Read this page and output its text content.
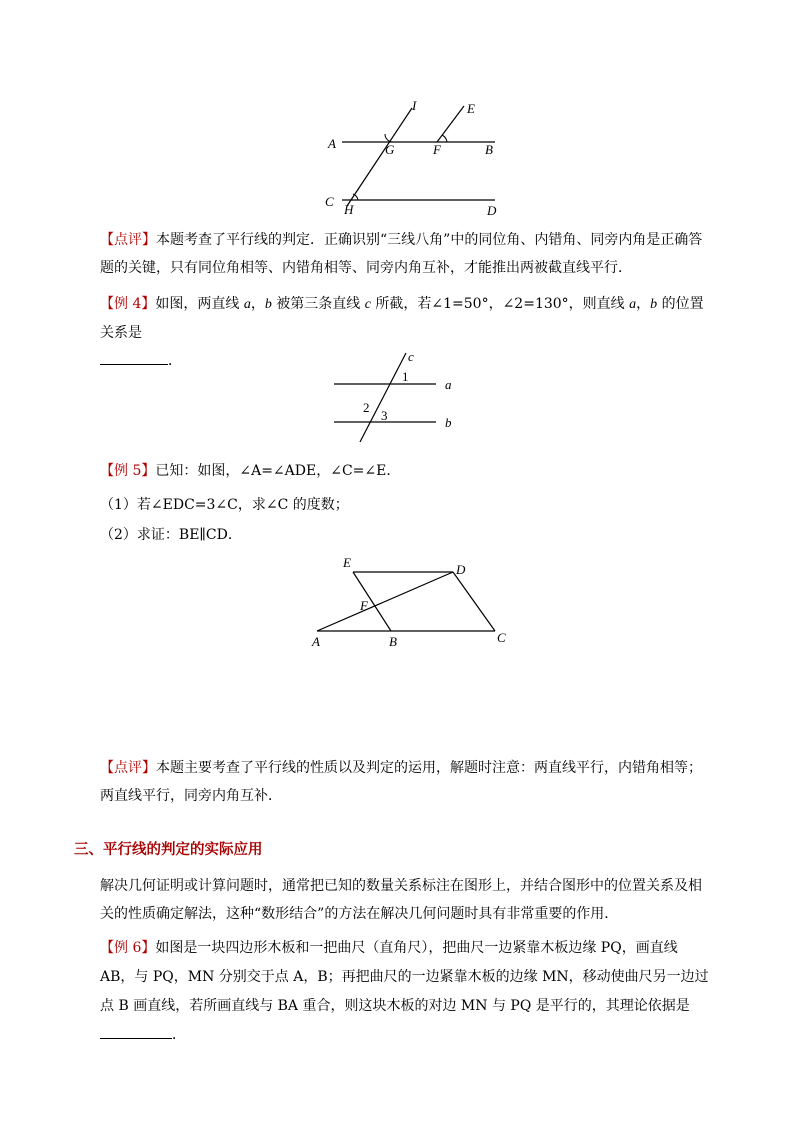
I	E
A	G	F	B
C
H	D

【点评】本题考查了平行线的判定．正确识别“三线八角”中的同位角、内错角、同旁内角是正确答题的关键，只有同位角相等、内错角相等、同旁内角互补，才能推出两被截直线平行．

【例 4】如图，两直线 a，b 被第三条直线 c 所截，若∠1=50°，∠2=130°，则直线 a，b 的位置关系是
．	c
a
b
1
2
3

【例 5】已知：如图，∠A=∠ADE，∠C=∠E．

（1）若∠EDC=3∠C，求∠C 的度数；

（2）求证：BE∥CD．

E	D
F
A	B	C

【点评】本题主要考查了平行线的性质以及判定的运用，解题时注意：两直线平行，内错角相等；两直线平行，同旁内角互补．

三、平行线的判定的实际应用

解决几何证明或计算问题时，通常把已知的数量关系标注在图形上，并结合图形中的位置关系及相关的性质确定解法，这种“数形结合”的方法在解决几何问题时具有非常重要的作用．

【例 6】如图是一块四边形木板和一把曲尺（直角尺），把曲尺一边紧靠木板边缘 PQ，画直线 AB，与 PQ，MN 分别交于点 A，B；再把曲尺的一边紧靠木板的边缘 MN，移动使曲尺另一边过点 B 画直线，若所画直线与 BA 重合，则这块木板的对边 MN 与 PQ 是平行的，其理论依据是．
